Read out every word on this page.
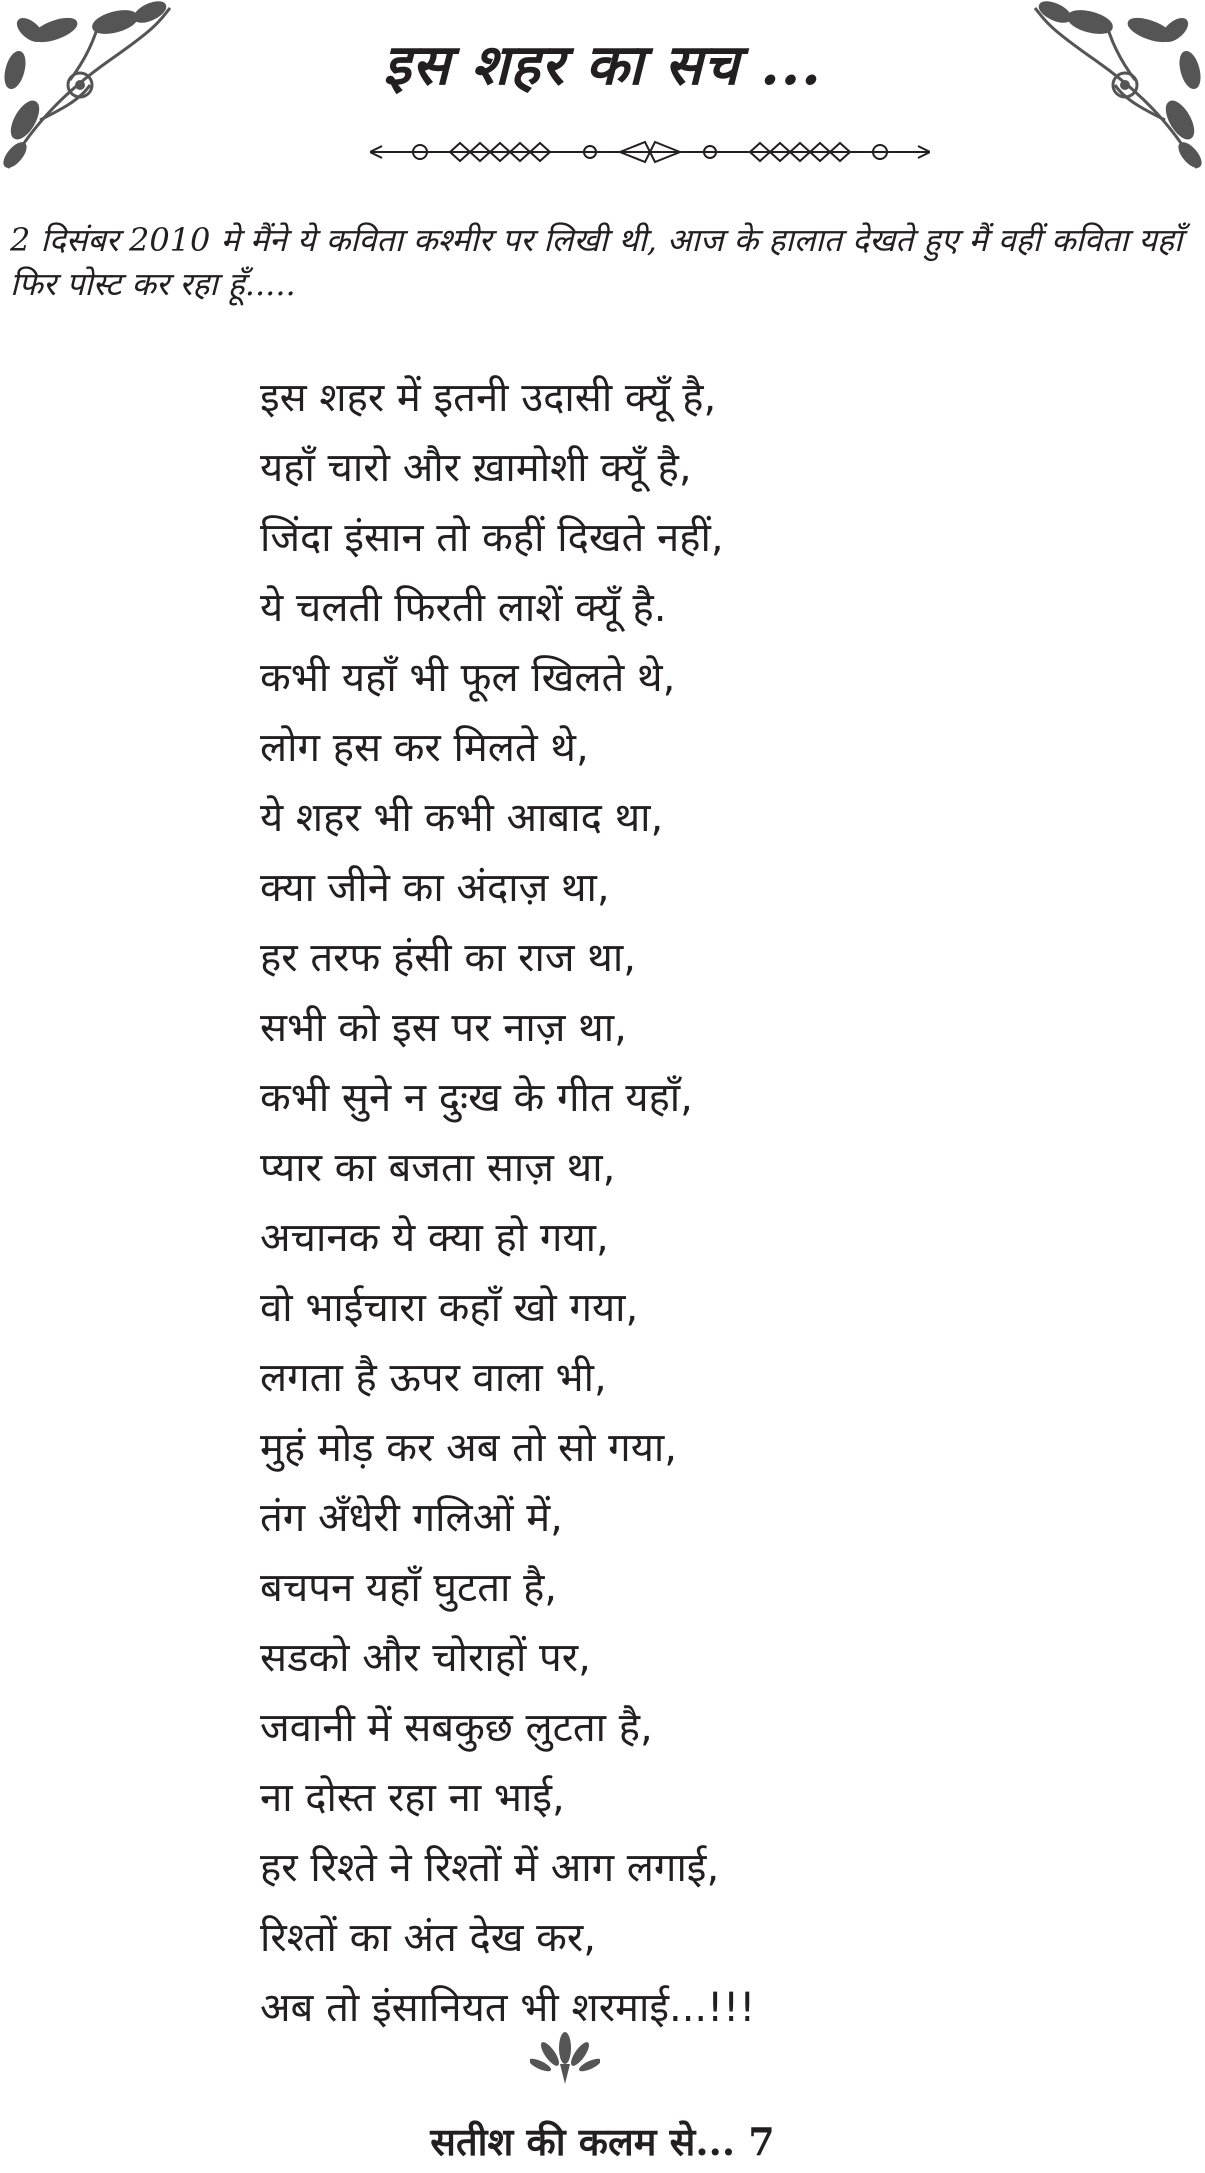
इस शहर का सच ...
2 दिसंबर 2010 मे मैंने ये कविता कश्मीर पर लिखी थी, आज के हालात देखते हुए मैं वहीं कविता यहाँ फिर पोस्ट कर रहा हूँ.....
इस शहर में इतनी उदासी क्यूँ है,
यहाँ चारो और ख़ामोशी क्यूँ है,
जिंदा इंसान तो कहीं दिखते नहीं,
ये चलती फिरती लाशें क्यूँ है.
कभी यहाँ भी फूल खिलते थे,
लोग हस कर मिलते थे,
ये शहर भी कभी आबाद था,
क्या जीने का अंदाज़ था,
हर तरफ हंसी का राज था,
सभी को इस पर नाज़ था,
कभी सुने न दुःख के गीत यहाँ,
प्यार का बजता साज़ था,
अचानक ये क्या हो गया,
वो भाईचारा कहाँ खो गया,
लगता है ऊपर वाला भी,
मुहं मोड़ कर अब तो सो गया,
तंग अँधेरी गलिओं में,
बचपन यहाँ घुटता है,
सडको और चोराहों पर,
जवानी में सबकुछ लुटता है,
ना दोस्त रहा ना भाई,
हर रिश्ते ने रिश्तों में आग लगाई,
रिश्तों का अंत देख कर,
अब तो इंसानियत भी शरमाई...!!!
सतीश की कलम से... 7
